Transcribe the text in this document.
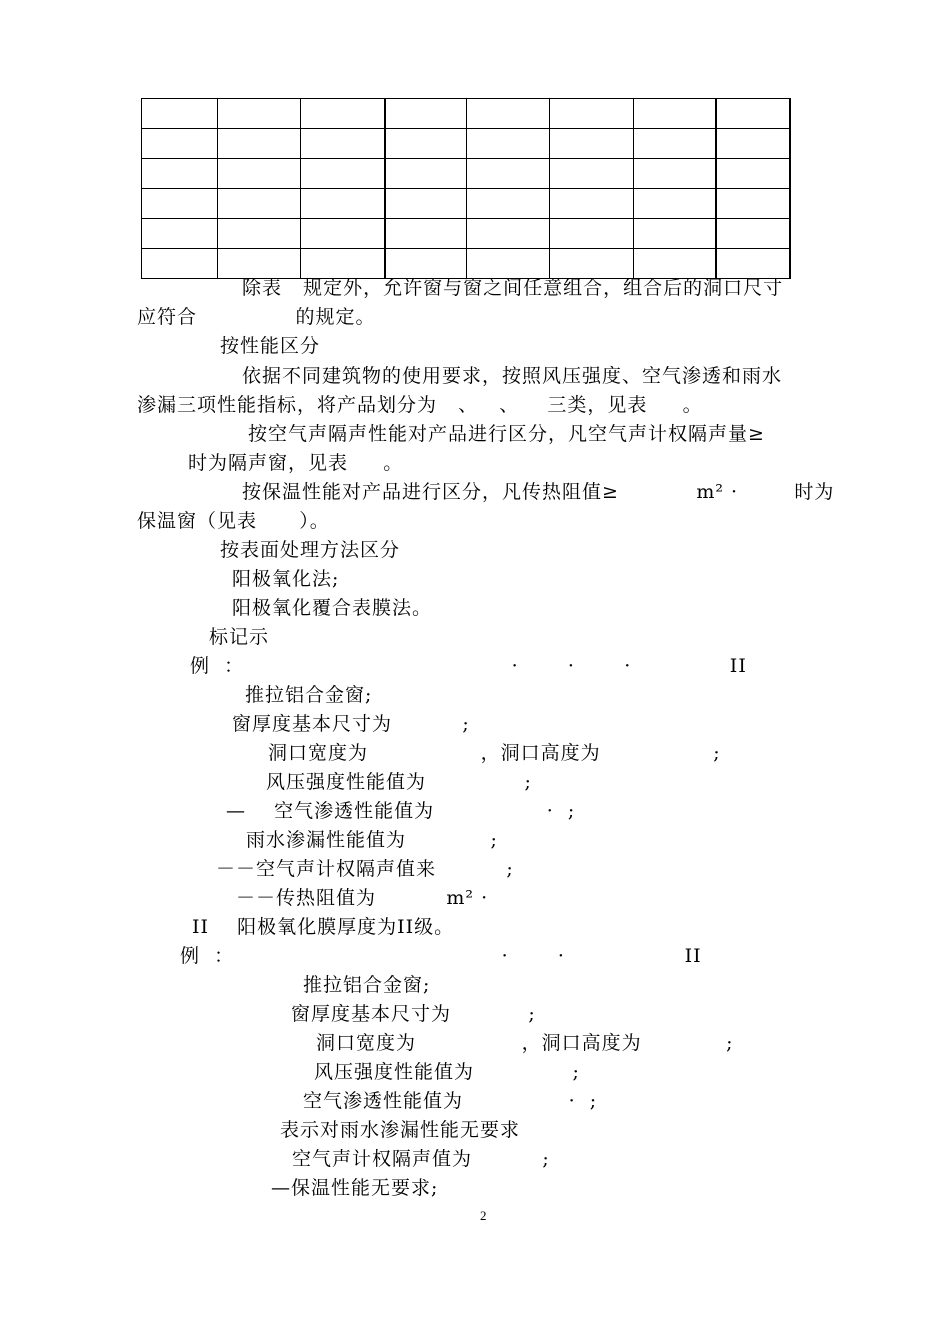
除表   规定外，允许窗与窗之间任意组合，组合后的洞口尺寸
应符合              的规定。
按性能区分
依据不同建筑物的使用要求，按照风压强度、空气渗透和雨水
渗漏三项性能指标，将产品划分为   、   、    三类，见表     。
按空气声隔声性能对产品进行区分，凡空气声计权隔声量≥
时为隔声窗，见表     。
按保温性能对产品进行区分，凡传热阻值≥           m² ·        时为
保温窗（见表      ）。
按表面处理方法区分
阳极氧化法;
阳极氧化覆合表膜法。
标记示
例  ：                                      ·       ·       ·              II
推拉铝合金窗;
窗厚度基本尺寸为          ;
洞口宽度为                ，洞口高度为                ;
风压强度性能值为              ;
—    空气渗透性能值为                ·  ;
雨水渗漏性能值为            ;
－－空气声计权隔声值来          ;
－－传热阻值为          m² ·
II    阳极氧化膜厚度为II级。
例  ：                                      ·       ·                 II
推拉铝合金窗;
窗厚度基本尺寸为           ;
洞口宽度为               ，洞口高度为            ;
风压强度性能值为              ;
空气渗透性能值为               ·  ;
表示对雨水渗漏性能无要求
空气声计权隔声值为          ;
—保温性能无要求;
2
